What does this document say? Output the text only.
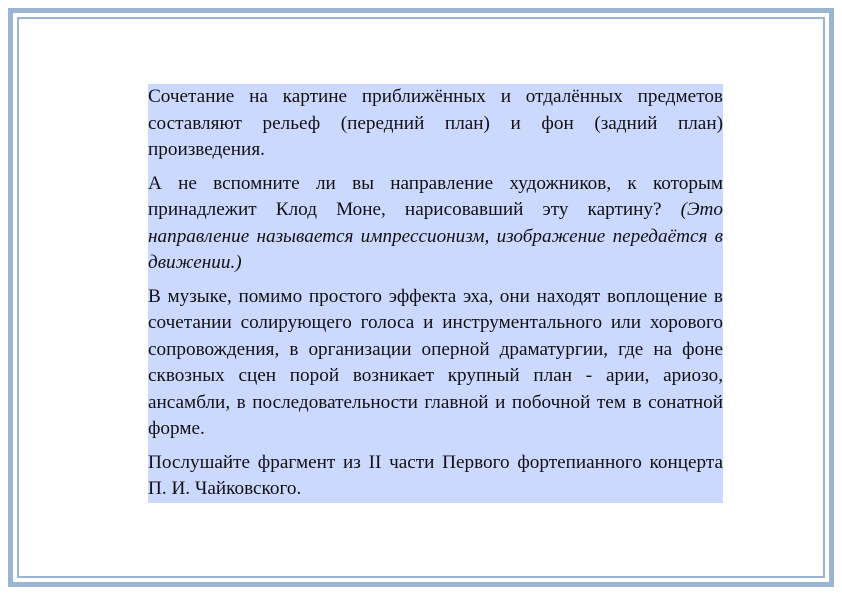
Сочетание на картине приближённых и отдалённых предметов составляют рельеф (передний план) и фон (задний план) произведения.

А не вспомните ли вы направление художников, к которым принадлежит Клод Моне, нарисовавший эту картину? (Это направление называется импрессионизм, изображение передаётся в движении.)

В музыке, помимо простого эффекта эха, они находят воплощение в сочетании солирующего голоса и инструментального или хорового сопровождения, в организации оперной драматургии, где на фоне сквозных сцен порой возникает крупный план - арии, ариозо, ансамбли, в последовательности главной и побочной тем в сонатной форме.

Послушайте фрагмент из II части Первого фортепианного концерта П. И. Чайковского.
